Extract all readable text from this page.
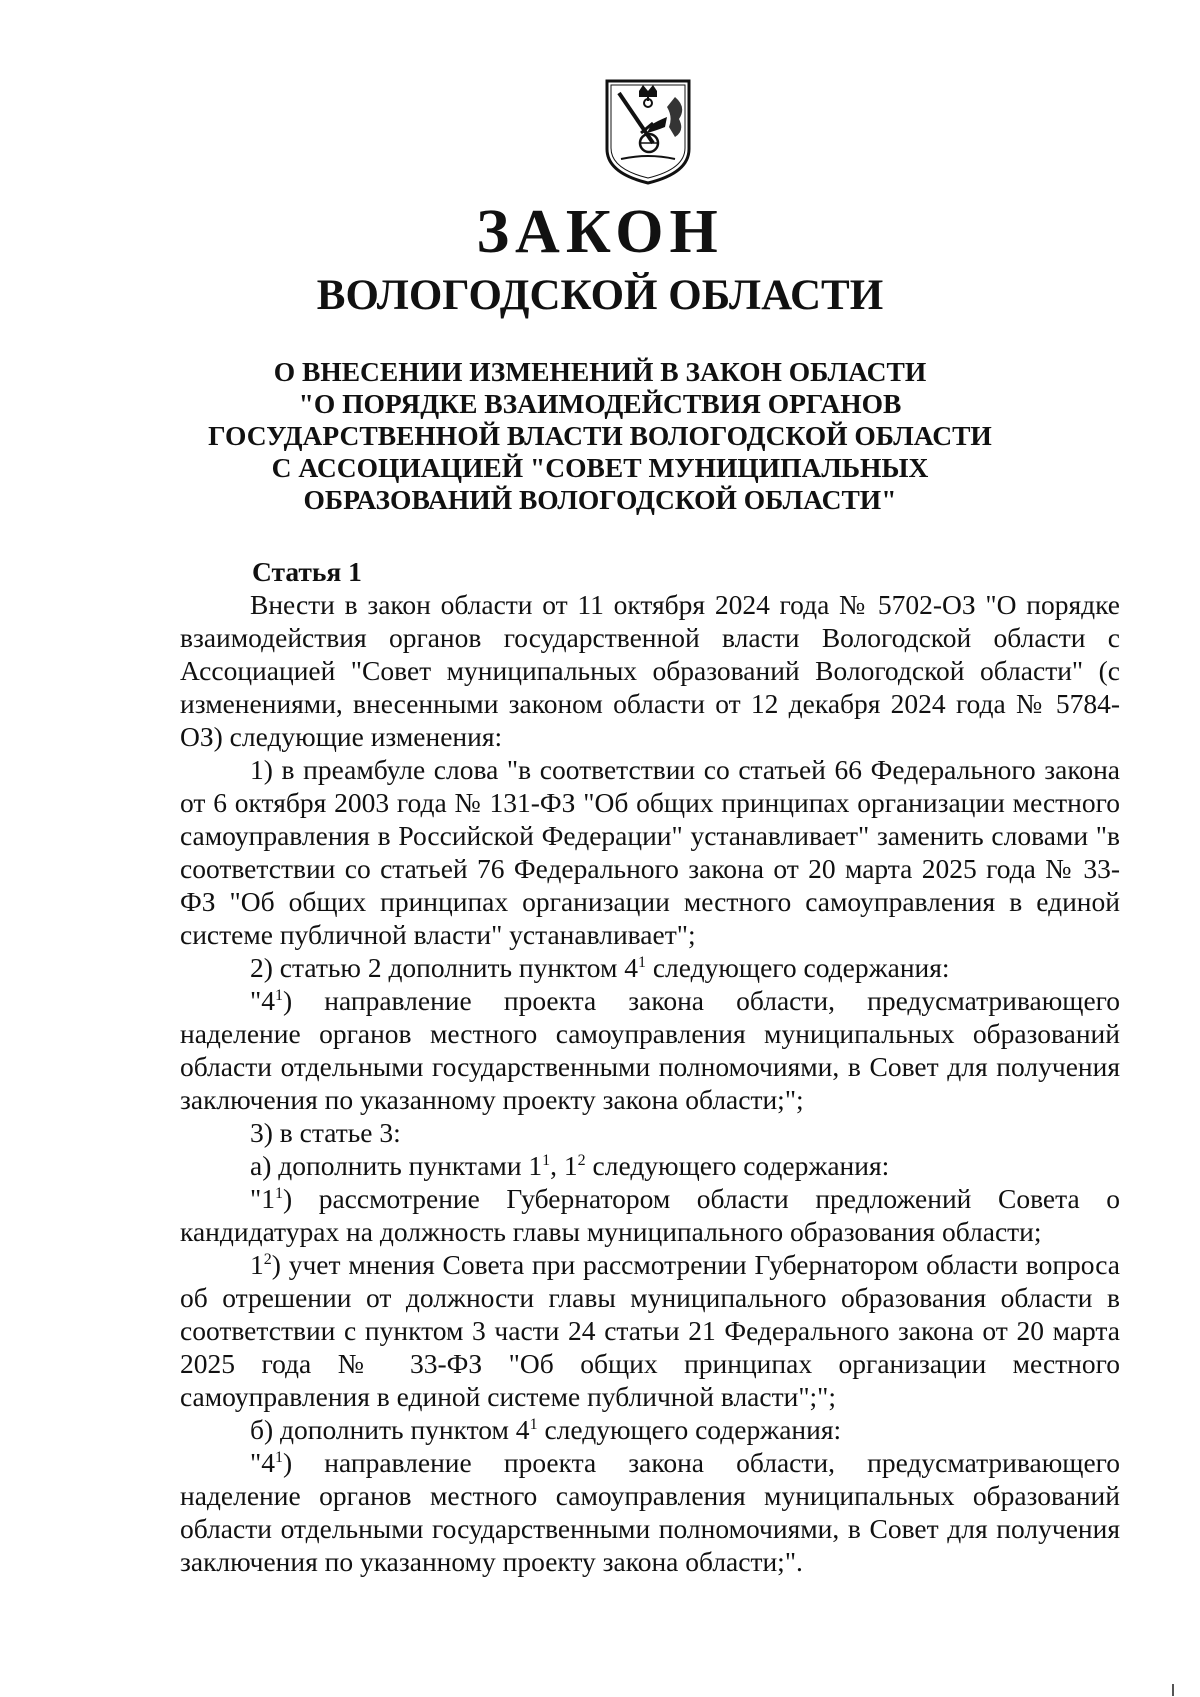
ЗАКОН
ВОЛОГОДСКОЙ ОБЛАСТИ
О ВНЕСЕНИИ ИЗМЕНЕНИЙ В ЗАКОН ОБЛАСТИ
"О ПОРЯДКЕ ВЗАИМОДЕЙСТВИЯ ОРГАНОВ
ГОСУДАРСТВЕННОЙ ВЛАСТИ ВОЛОГОДСКОЙ ОБЛАСТИ
С АССОЦИАЦИЕЙ "СОВЕТ МУНИЦИПАЛЬНЫХ
ОБРАЗОВАНИЙ ВОЛОГОДСКОЙ ОБЛАСТИ"

Статья 1

Внести в закон области от 11 октября 2024 года № 5702-ОЗ "О порядке взаимодействия органов государственной власти Вологодской области с Ассоциацией "Совет муниципальных образований Вологодской области" (с изменениями, внесенными законом области от 12 декабря 2024 года № 5784-ОЗ) следующие изменения:

1) в преамбуле слова "в соответствии со статьей 66 Федерального закона от 6 октября 2003 года № 131-ФЗ "Об общих принципах организации местного самоуправления в Российской Федерации" устанавливает" заменить словами "в соответствии со статьей 76 Федерального закона от 20 марта 2025 года № 33-ФЗ "Об общих принципах организации местного самоуправления в единой системе публичной власти" устанавливает";

2) статью 2 дополнить пунктом $4^1$ следующего содержания:

"$4^1$) направление проекта закона области, предусматривающего наделение органов местного самоуправления муниципальных образований области отдельными государственными полномочиями, в Совет для получения заключения по указанному проекту закона области;";

3) в статье 3:

а) дополнить пунктами $1^1$, $1^2$ следующего содержания:

"$1^1$) рассмотрение Губернатором области предложений Совета о кандидатурах на должность главы муниципального образования области;

$1^2$) учет мнения Совета при рассмотрении Губернатором области вопроса об отрешении от должности главы муниципального образования области в соответствии с пунктом 3 части 24 статьи 21 Федерального закона от 20 марта 2025 года № 33-ФЗ "Об общих принципах организации местного самоуправления в единой системе публичной власти";";

б) дополнить пунктом $4^1$ следующего содержания:

"$4^1$) направление проекта закона области, предусматривающего наделение органов местного самоуправления муниципальных образований области отдельными государственными полномочиями, в Совет для получения заключения по указанному проекту закона области;".
